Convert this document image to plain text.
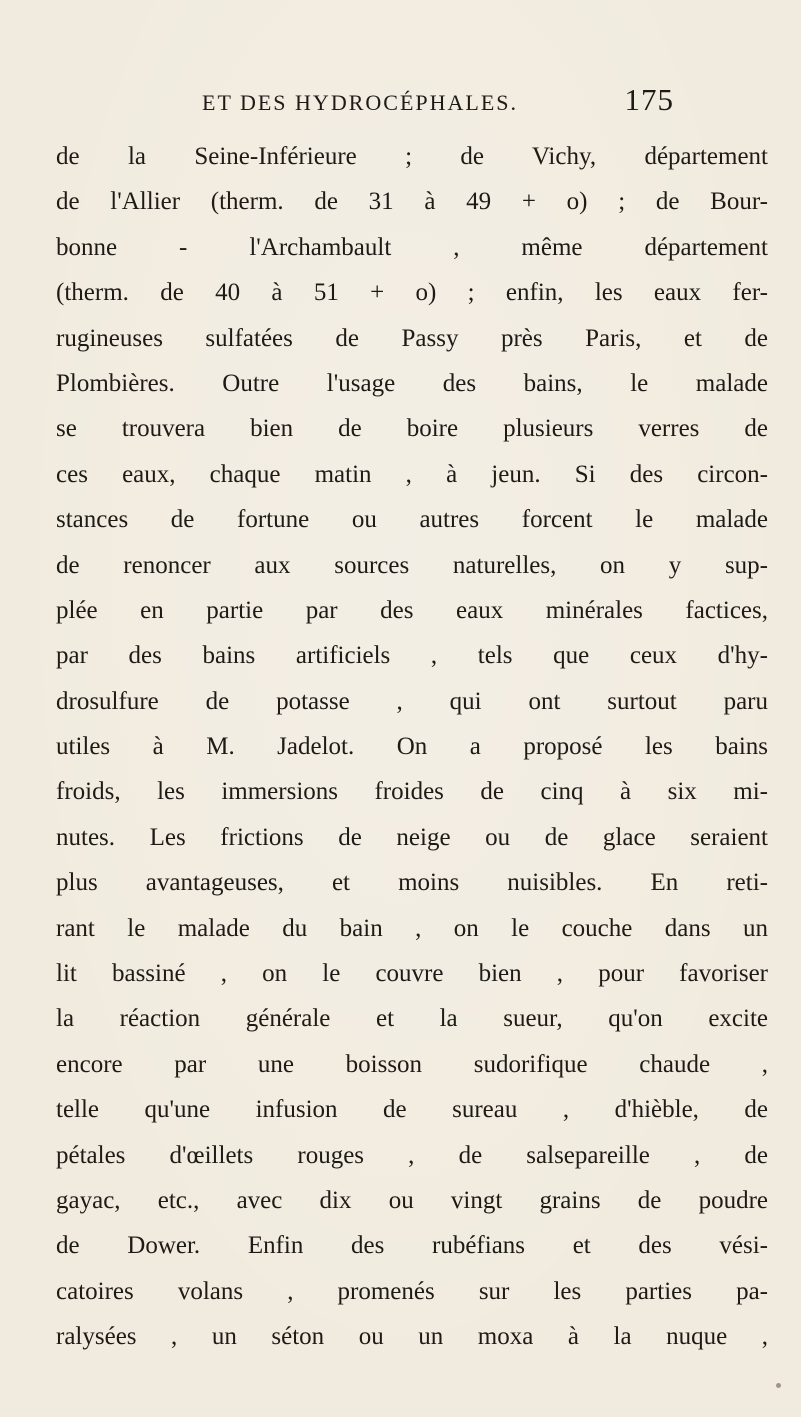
ET DES HYDROCÉPHALES.	175
de la Seine-Inférieure ; de Vichy, département
de l'Allier (therm. de 31 à 49 + o) ; de Bour-
bonne - l'Archambault , même département
(therm. de 40 à 51 + o) ; enfin, les eaux fer-
rugineuses sulfatées de Passy près Paris, et de
Plombières. Outre l'usage des bains, le malade
se trouvera bien de boire plusieurs verres de
ces eaux, chaque matin , à jeun. Si des circon-
stances de fortune ou autres forcent le malade
de renoncer aux sources naturelles, on y sup-
plée en partie par des eaux minérales factices,
par des bains artificiels , tels que ceux d'hy-
drosulfure de potasse , qui ont surtout paru
utiles à M. Jadelot. On a proposé les bains
froids, les immersions froides de cinq à six mi-
nutes. Les frictions de neige ou de glace seraient
plus avantageuses, et moins nuisibles. En reti-
rant le malade du bain , on le couche dans un
lit bassiné , on le couvre bien , pour favoriser
la réaction générale et la sueur, qu'on excite
encore par une boisson sudorifique chaude ,
telle qu'une infusion de sureau , d'hièble, de
pétales d'œillets rouges , de salsepareille , de
gayac, etc., avec dix ou vingt grains de poudre
de Dower. Enfin des rubéfians et des vési-
catoires volans , promenés sur les parties pa-
ralysées , un séton ou un moxa à la nuque ,
